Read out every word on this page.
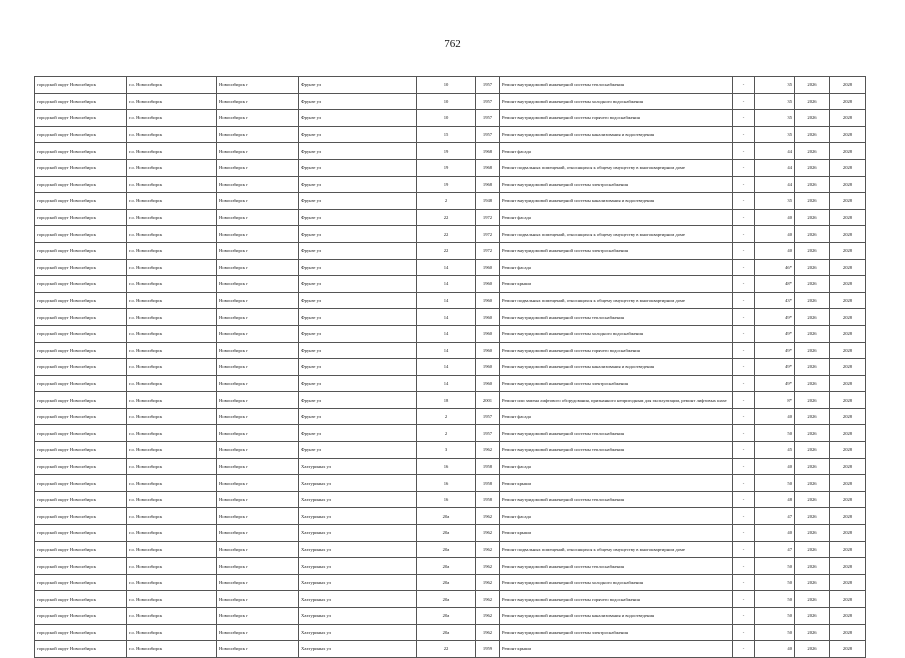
762
городской округ Новосибирск	г.о. Новосибирск	Новосибирск г	Фрунзе ул	10	1957	Ремонт внутридомовой инженерной системы теплоснабжения	-	35	2026	2028
городской округ Новосибирск	г.о. Новосибирск	Новосибирск г	Фрунзе ул	10	1957	Ремонт внутридомовой инженерной системы холодного водоснабжения	-	35	2026	2028
городской округ Новосибирск	г.о. Новосибирск	Новосибирск г	Фрунзе ул	10	1957	Ремонт внутридомовой инженерной системы горячего водоснабжения	-	35	2026	2028
городской округ Новосибирск	г.о. Новосибирск	Новосибирск г	Фрунзе ул	15	1957	Ремонт внутридомовой инженерной системы канализования и водоотведения	-	35	2026	2028
городской округ Новосибирск	г.о. Новосибирск	Новосибирск г	Фрунзе ул	19	1968	Ремонт фасада	-	44	2026	2028
городской округ Новосибирск	г.о. Новосибирск	Новосибирск г	Фрунзе ул	19	1968	Ремонт подвальных помещений, относящихся к общему имуществу в многоквартирном доме	-	44	2026	2028
городской округ Новосибирск	г.о. Новосибирск	Новосибирск г	Фрунзе ул	19	1968	Ремонт внутридомовой инженерной системы электроснабжения	-	44	2026	2028
городской округ Новосибирск	г.о. Новосибирск	Новосибирск г	Фрунзе ул	2	1948	Ремонт внутридомовой инженерной системы канализования и водоотведения	-	35	2026	2028
городской округ Новосибирск	г.о. Новосибирск	Новосибирск г	Фрунзе ул	22	1972	Ремонт фасада	-	40	2026	2028
городской округ Новосибирск	г.о. Новосибирск	Новосибирск г	Фрунзе ул	22	1972	Ремонт подвальных помещений, относящихся к общему имуществу в многоквартирном доме	-	40	2026	2028
городской округ Новосибирск	г.о. Новосибирск	Новосибирск г	Фрунзе ул	22	1972	Ремонт внутридомовой инженерной системы электроснабжения	-	40	2026	2028
городской округ Новосибирск	г.о. Новосибирск	Новосибирск г	Фрунзе ул	14	1960	Ремонт фасада	-	46*	2026	2028
городской округ Новосибирск	г.о. Новосибирск	Новосибирск г	Фрунзе ул	14	1960	Ремонт крыши	-	48*	2026	2028
городской округ Новосибирск	г.о. Новосибирск	Новосибирск г	Фрунзе ул	14	1960	Ремонт подвальных помещений, относящихся к общему имуществу в многоквартирном доме	-	43*	2026	2028
городской округ Новосибирск	г.о. Новосибирск	Новосибирск г	Фрунзе ул	14	1960	Ремонт внутридомовой инженерной системы теплоснабжения	-	49*	2026	2028
городской округ Новосибирск	г.о. Новосибирск	Новосибирск г	Фрунзе ул	14	1960	Ремонт внутридомовой инженерной системы холодного водоснабжения	-	49*	2026	2028
городской округ Новосибирск	г.о. Новосибирск	Новосибирск г	Фрунзе ул	14	1960	Ремонт внутридомовой инженерной системы горячего водоснабжения	-	49*	2026	2028
городской округ Новосибирск	г.о. Новосибирск	Новосибирск г	Фрунзе ул	14	1960	Ремонт внутридомовой инженерной системы канализования и водоотведения	-	49*	2026	2028
городской округ Новосибирск	г.о. Новосибирск	Новосибирск г	Фрунзе ул	14	1960	Ремонт внутридомовой инженерной системы электроснабжения	-	49*	2026	2028
городской округ Новосибирск	г.о. Новосибирск	Новосибирск г	Фрунзе ул	18	2001	Ремонт или замена лифтового оборудования, признанного непригодным для эксплуатации, ремонт лифтовых шахт	-	8*	2026	2028
городской округ Новосибирск	г.о. Новосибирск	Новосибирск г	Фрунзе ул	2	1957	Ремонт фасада	-	40	2026	2028
городской округ Новосибирск	г.о. Новосибирск	Новосибирск г	Фрунзе ул	2	1957	Ремонт внутридомовой инженерной системы теплоснабжения	-	50	2026	2028
городской округ Новосибирск	г.о. Новосибирск	Новосибирск г	Фрунзе ул	3	1962	Ремонт внутридомовой инженерной системы теплоснабжения	-	45	2026	2028
городской округ Новосибирск	г.о. Новосибирск	Новосибирск г	Хахтуриных ул	16	1958	Ремонт фасада	-	40	2026	2028
городской округ Новосибирск	г.о. Новосибирск	Новосибирск г	Хахтуриных ул	16	1958	Ремонт крыши	-	50	2026	2028
городской округ Новосибирск	г.о. Новосибирск	Новосибирск г	Хахтуриных ул	16	1958	Ремонт внутридомовой инженерной системы теплоснабжения	-	48	2026	2028
городской округ Новосибирск	г.о. Новосибирск	Новосибирск г	Хахтуриных ул	20а	1962	Ремонт фасада	-	47	2026	2028
городской округ Новосибирск	г.о. Новосибирск	Новосибирск г	Хахтуриных ул	20а	1962	Ремонт крыши	-	40	2026	2028
городской округ Новосибирск	г.о. Новосибирск	Новосибирск г	Хахтуриных ул	20а	1962	Ремонт подвальных помещений, относящихся к общему имуществу в многоквартирном доме	-	47	2026	2028
городской округ Новосибирск	г.о. Новосибирск	Новосибирск г	Хахтуриных ул	20а	1962	Ремонт внутридомовой инженерной системы теплоснабжения	-	50	2026	2028
городской округ Новосибирск	г.о. Новосибирск	Новосибирск г	Хахтуриных ул	20а	1962	Ремонт внутридомовой инженерной системы холодного водоснабжения	-	50	2026	2028
городской округ Новосибирск	г.о. Новосибирск	Новосибирск г	Хахтуриных ул	20а	1962	Ремонт внутридомовой инженерной системы горячего водоснабжения	-	50	2026	2028
городской округ Новосибирск	г.о. Новосибирск	Новосибирск г	Хахтуриных ул	20а	1962	Ремонт внутридомовой инженерной системы канализования и водоотведения	-	50	2026	2028
городской округ Новосибирск	г.о. Новосибирск	Новосибирск г	Хахтуриных ул	20а	1962	Ремонт внутридомовой инженерной системы электроснабжения	-	50	2026	2028
городской округ Новосибирск	г.о. Новосибирск	Новосибирск г	Хахтуриных ул	22	1959	Ремонт крыши	-	40	2026	2028
